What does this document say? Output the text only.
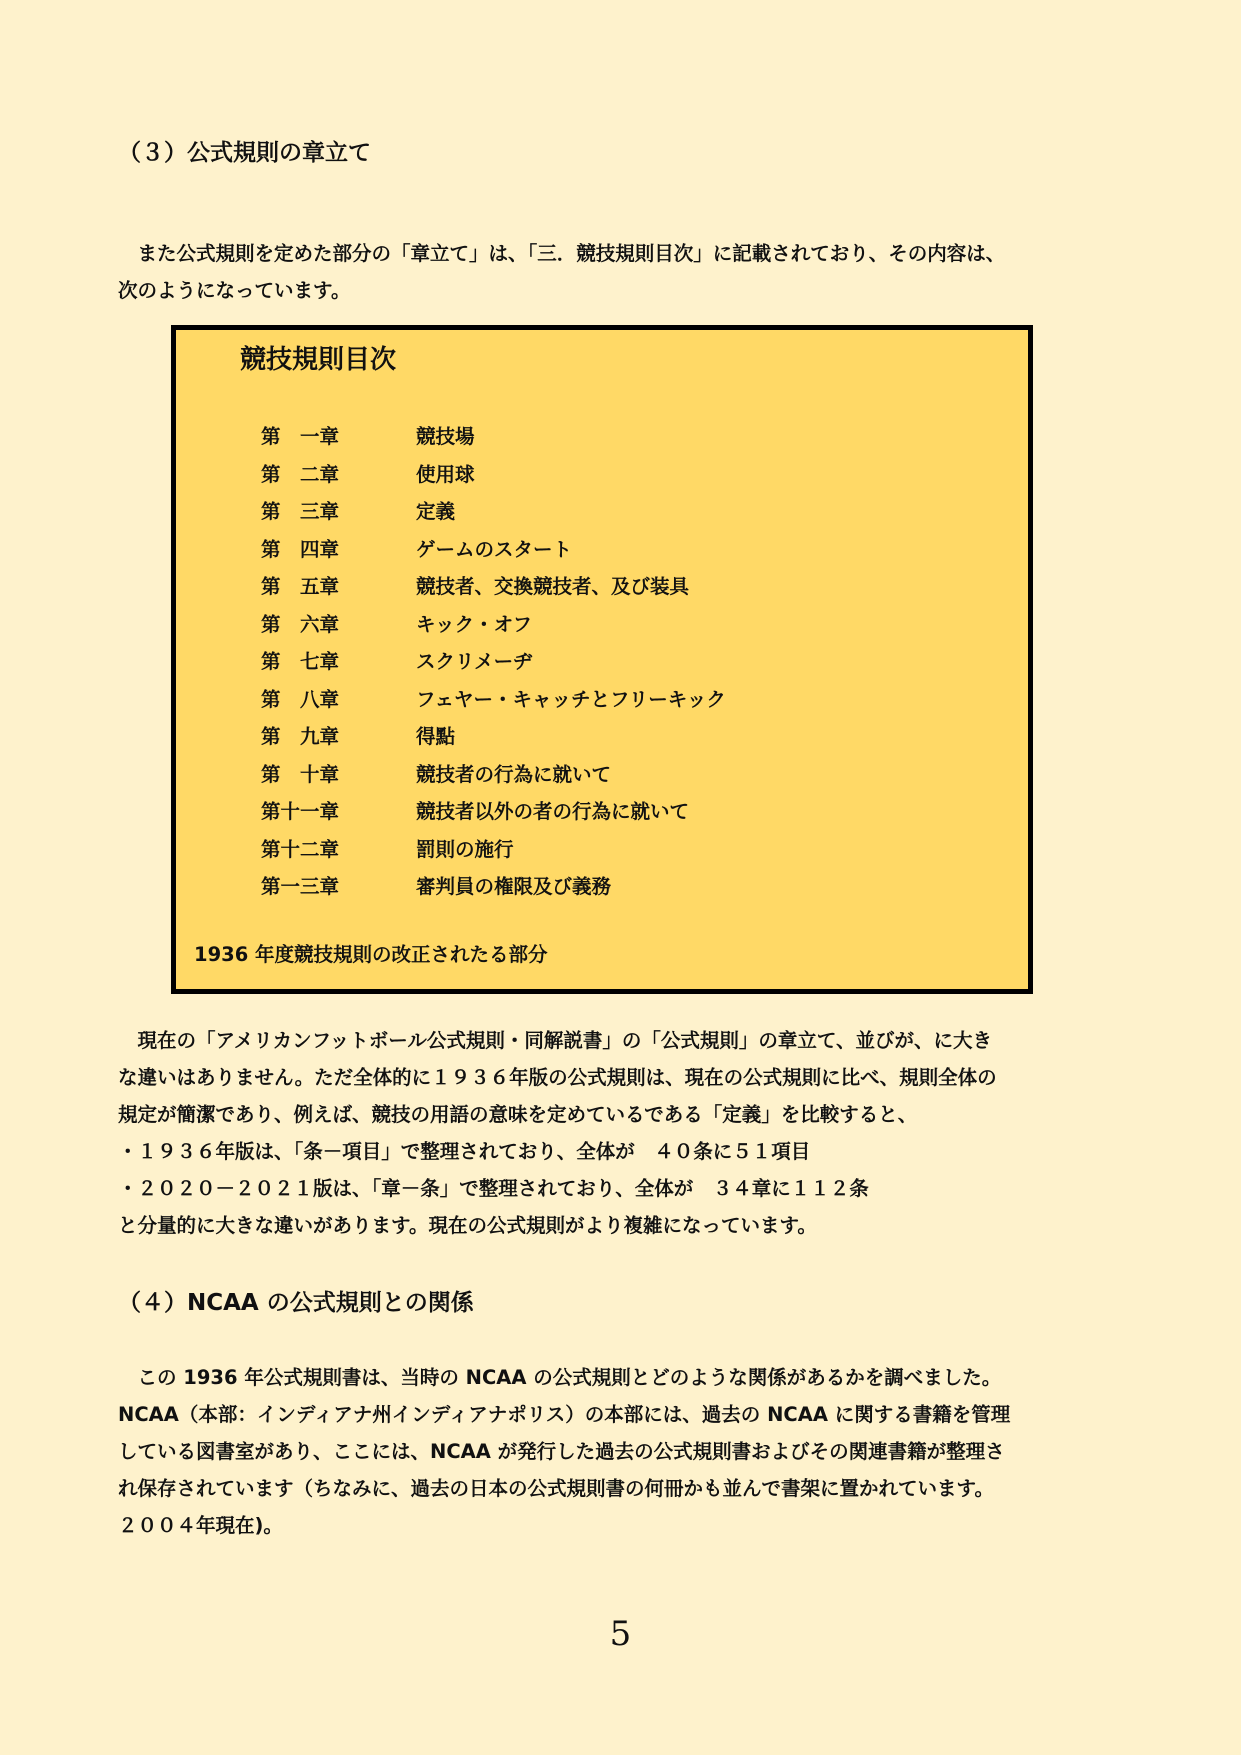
（３）公式規則の章立て
　また公式規則を定めた部分の「章立て」は、「三．競技規則目次」に記載されており、その内容は、
次のようになっています。
競技規則目次
第　一章	競技場
第　二章	使用球
第　三章	定義
第　四章	ゲームのスタート
第　五章	競技者、交換競技者、及び装具
第　六章	キック・オフ
第　七章	スクリメーヂ
第　八章	フェヤー・キャッチとフリーキック
第　九章	得點
第　十章	競技者の行為に就いて
第十一章	競技者以外の者の行為に就いて
第十二章	罰則の施行
第一三章	審判員の権限及び義務
1936 年度競技規則の改正されたる部分
　現在の「アメリカンフットボール公式規則・同解説書」の「公式規則」の章立て、並びが、に大き
な違いはありません。ただ全体的に１９３６年版の公式規則は、現在の公式規則に比べ、規則全体の
規定が簡潔であり、例えば、競技の用語の意味を定めているである「定義」を比較すると、
・１９３６年版は、「条－項目」で整理されており、全体が　４０条に５１項目
・２０２０－２０２１版は、「章－条」で整理されており、全体が　３４章に１１２条
と分量的に大きな違いがあります。現在の公式規則がより複雑になっています。
（４）NCAA の公式規則との関係
　この 1936 年公式規則書は、当時の NCAA の公式規則とどのような関係があるかを調べました。
NCAA（本部：インディアナ州インディアナポリス）の本部には、過去の NCAA に関する書籍を管理
している図書室があり、ここには、NCAA が発行した過去の公式規則書およびその関連書籍が整理さ
れ保存されています（ちなみに、過去の日本の公式規則書の何冊かも並んで書架に置かれています。
２００４年現在)。
5
